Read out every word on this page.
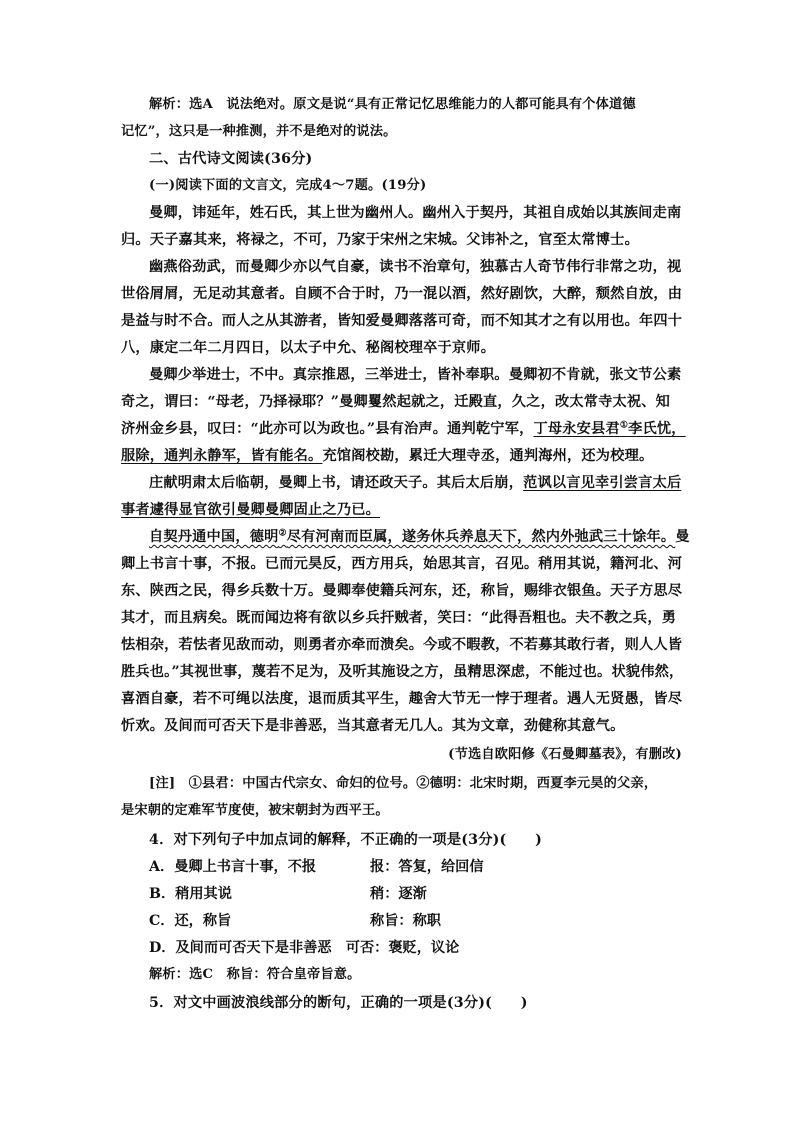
解析：选A　说法绝对。原文是说“具有正常记忆思维能力的人都可能具有个体道德
记忆”，这只是一种推测，并不是绝对的说法。
二、古代诗文阅读(36分)
(一)阅读下面的文言文，完成4～7题。(19分)
曼卿，讳延年，姓石氏，其上世为幽州人。幽州入于契丹，其祖自成始以其族间走南
归。天子嘉其来，将禄之，不可，乃家于宋州之宋城。父讳补之，官至太常博士。
幽燕俗劲武，而曼卿少亦以气自豪，读书不治章句，独慕古人奇节伟行非常之功，视
世俗屑屑，无足动其意者。自顾不合于时，乃一混以酒，然好剧饮，大醉，颓然自放，由
是益与时不合。而人之从其游者，皆知爱曼卿落落可奇，而不知其才之有以用也。年四十
八，康定二年二月四日，以太子中允、秘阁校理卒于京师。
曼卿少举进士，不中。真宗推恩，三举进士，皆补奉职。曼卿初不肯就，张文节公素
奇之，谓曰：“母老，乃择禄耶？”曼卿矍然起就之，迁殿直，久之，改太常寺太祝、知
济州金乡县，叹曰：“此亦可以为政也。”县有治声。通判乾宁军，丁母永安县君①李氏忧，
服除，通判永静军，皆有能名。充馆阁校勘，累迁大理寺丞，通判海州，还为校理。
庄献明肃太后临朝，曼卿上书，请还政天子。其后太后崩，范讽以言见幸引尝言太后
事者遽得显官欲引曼卿曼卿固止之乃已。
自契丹通中国，德明②尽有河南而臣属，遂务休兵养息天下，然内外弛武三十馀年。曼
卿上书言十事，不报。已而元昊反，西方用兵，始思其言，召见。稍用其说，籍河北、河
东、陕西之民，得乡兵数十万。曼卿奉使籍兵河东，还，称旨，赐绯衣银鱼。天子方思尽
其才，而且病矣。既而闻边将有欲以乡兵扞贼者，笑曰：“此得吾粗也。夫不教之兵，勇
怯相杂，若怯者见敌而动，则勇者亦牵而溃矣。今或不暇教，不若募其敢行者，则人人皆
胜兵也。”其视世事，蔑若不足为，及听其施设之方，虽精思深虑，不能过也。状貌伟然，
喜酒自豪，若不可绳以法度，退而质其平生，趣舍大节无一悖于理者。遇人无贤愚，皆尽
忻欢。及间而可否天下是非善恶，当其意者无几人。其为文章，劲健称其意气。
(节选自欧阳修《石曼卿墓表》，有删改)
[注]　①县君：中国古代宗女、命妇的位号。②德明：北宋时期，西夏李元昊的父亲，
是宋朝的定难军节度使，被宋朝封为西平王。
4．对下列句子中加点词的解释，不正确的一项是(3分)(　　)
A．曼卿上书言十事，不报	报：答复，给回信
B．稍用其说	稍：逐渐
C．还，称旨	称旨：称职
D．及间而可否天下是非善恶　 可否：褒贬，议论
解析：选C　称旨：符合皇帝旨意。
5．对文中画波浪线部分的断句，正确的一项是(3分)(　　)
